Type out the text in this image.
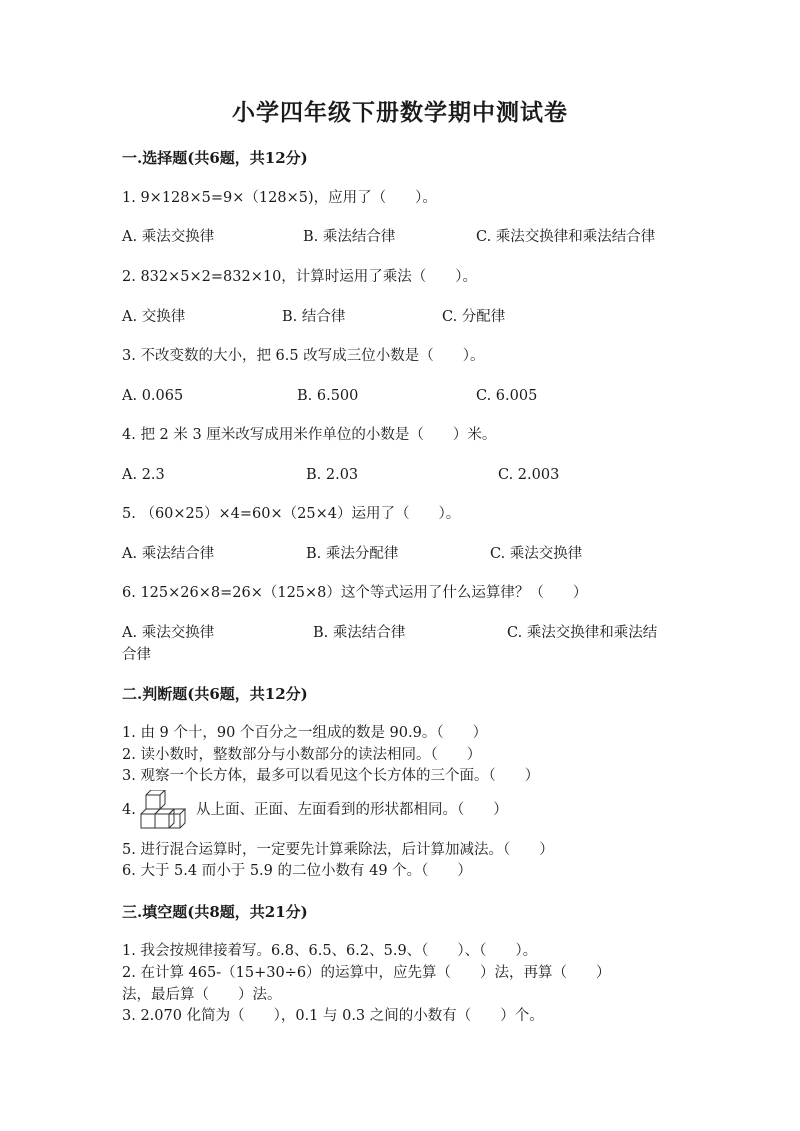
小学四年级下册数学期中测试卷
一.选择题(共6题，共12分)
1. 9×128×5=9×（128×5)，应用了（　　）。
A. 乘法交换律	B. 乘法结合律	C. 乘法交换律和乘法结合律
2. 832×5×2=832×10，计算时运用了乘法（　　）。
A. 交换律	B. 结合律	C. 分配律
3. 不改变数的大小，把 6.5 改写成三位小数是（　　）。
A. 0.065	B. 6.500	C. 6.005
4. 把 2 米 3 厘米改写成用米作单位的小数是（　　）米。
A. 2.3	B. 2.03	C. 2.003
5. （60×25）×4=60×（25×4）运用了（　　）。
A. 乘法结合律	B. 乘法分配律	C. 乘法交换律
6. 125×26×8=26×（125×8）这个等式运用了什么运算律？（　　）
A. 乘法交换律	B. 乘法结合律	C. 乘法交换律和乘法结
合律
二.判断题(共6题，共12分)
1. 由 9 个十，90 个百分之一组成的数是 90.9。（　　）
2. 读小数时，整数部分与小数部分的读法相同。（　　）
3. 观察一个长方体，最多可以看见这个长方体的三个面。（　　）
4.	从上面、正面、左面看到的形状都相同。（　　）
5. 进行混合运算时，一定要先计算乘除法，后计算加减法。（　　）
6. 大于 5.4 而小于 5.9 的二位小数有 49 个。（　　）
三.填空题(共8题，共21分)
1. 我会按规律接着写。6.8、6.5、6.2、5.9、（　　）、（　　）。
2. 在计算 465-（15+30÷6）的运算中，应先算（　　）法，再算（　　）
法，最后算（　　）法。
3. 2.070 化简为（　　），0.1 与 0.3 之间的小数有（　　）个。
